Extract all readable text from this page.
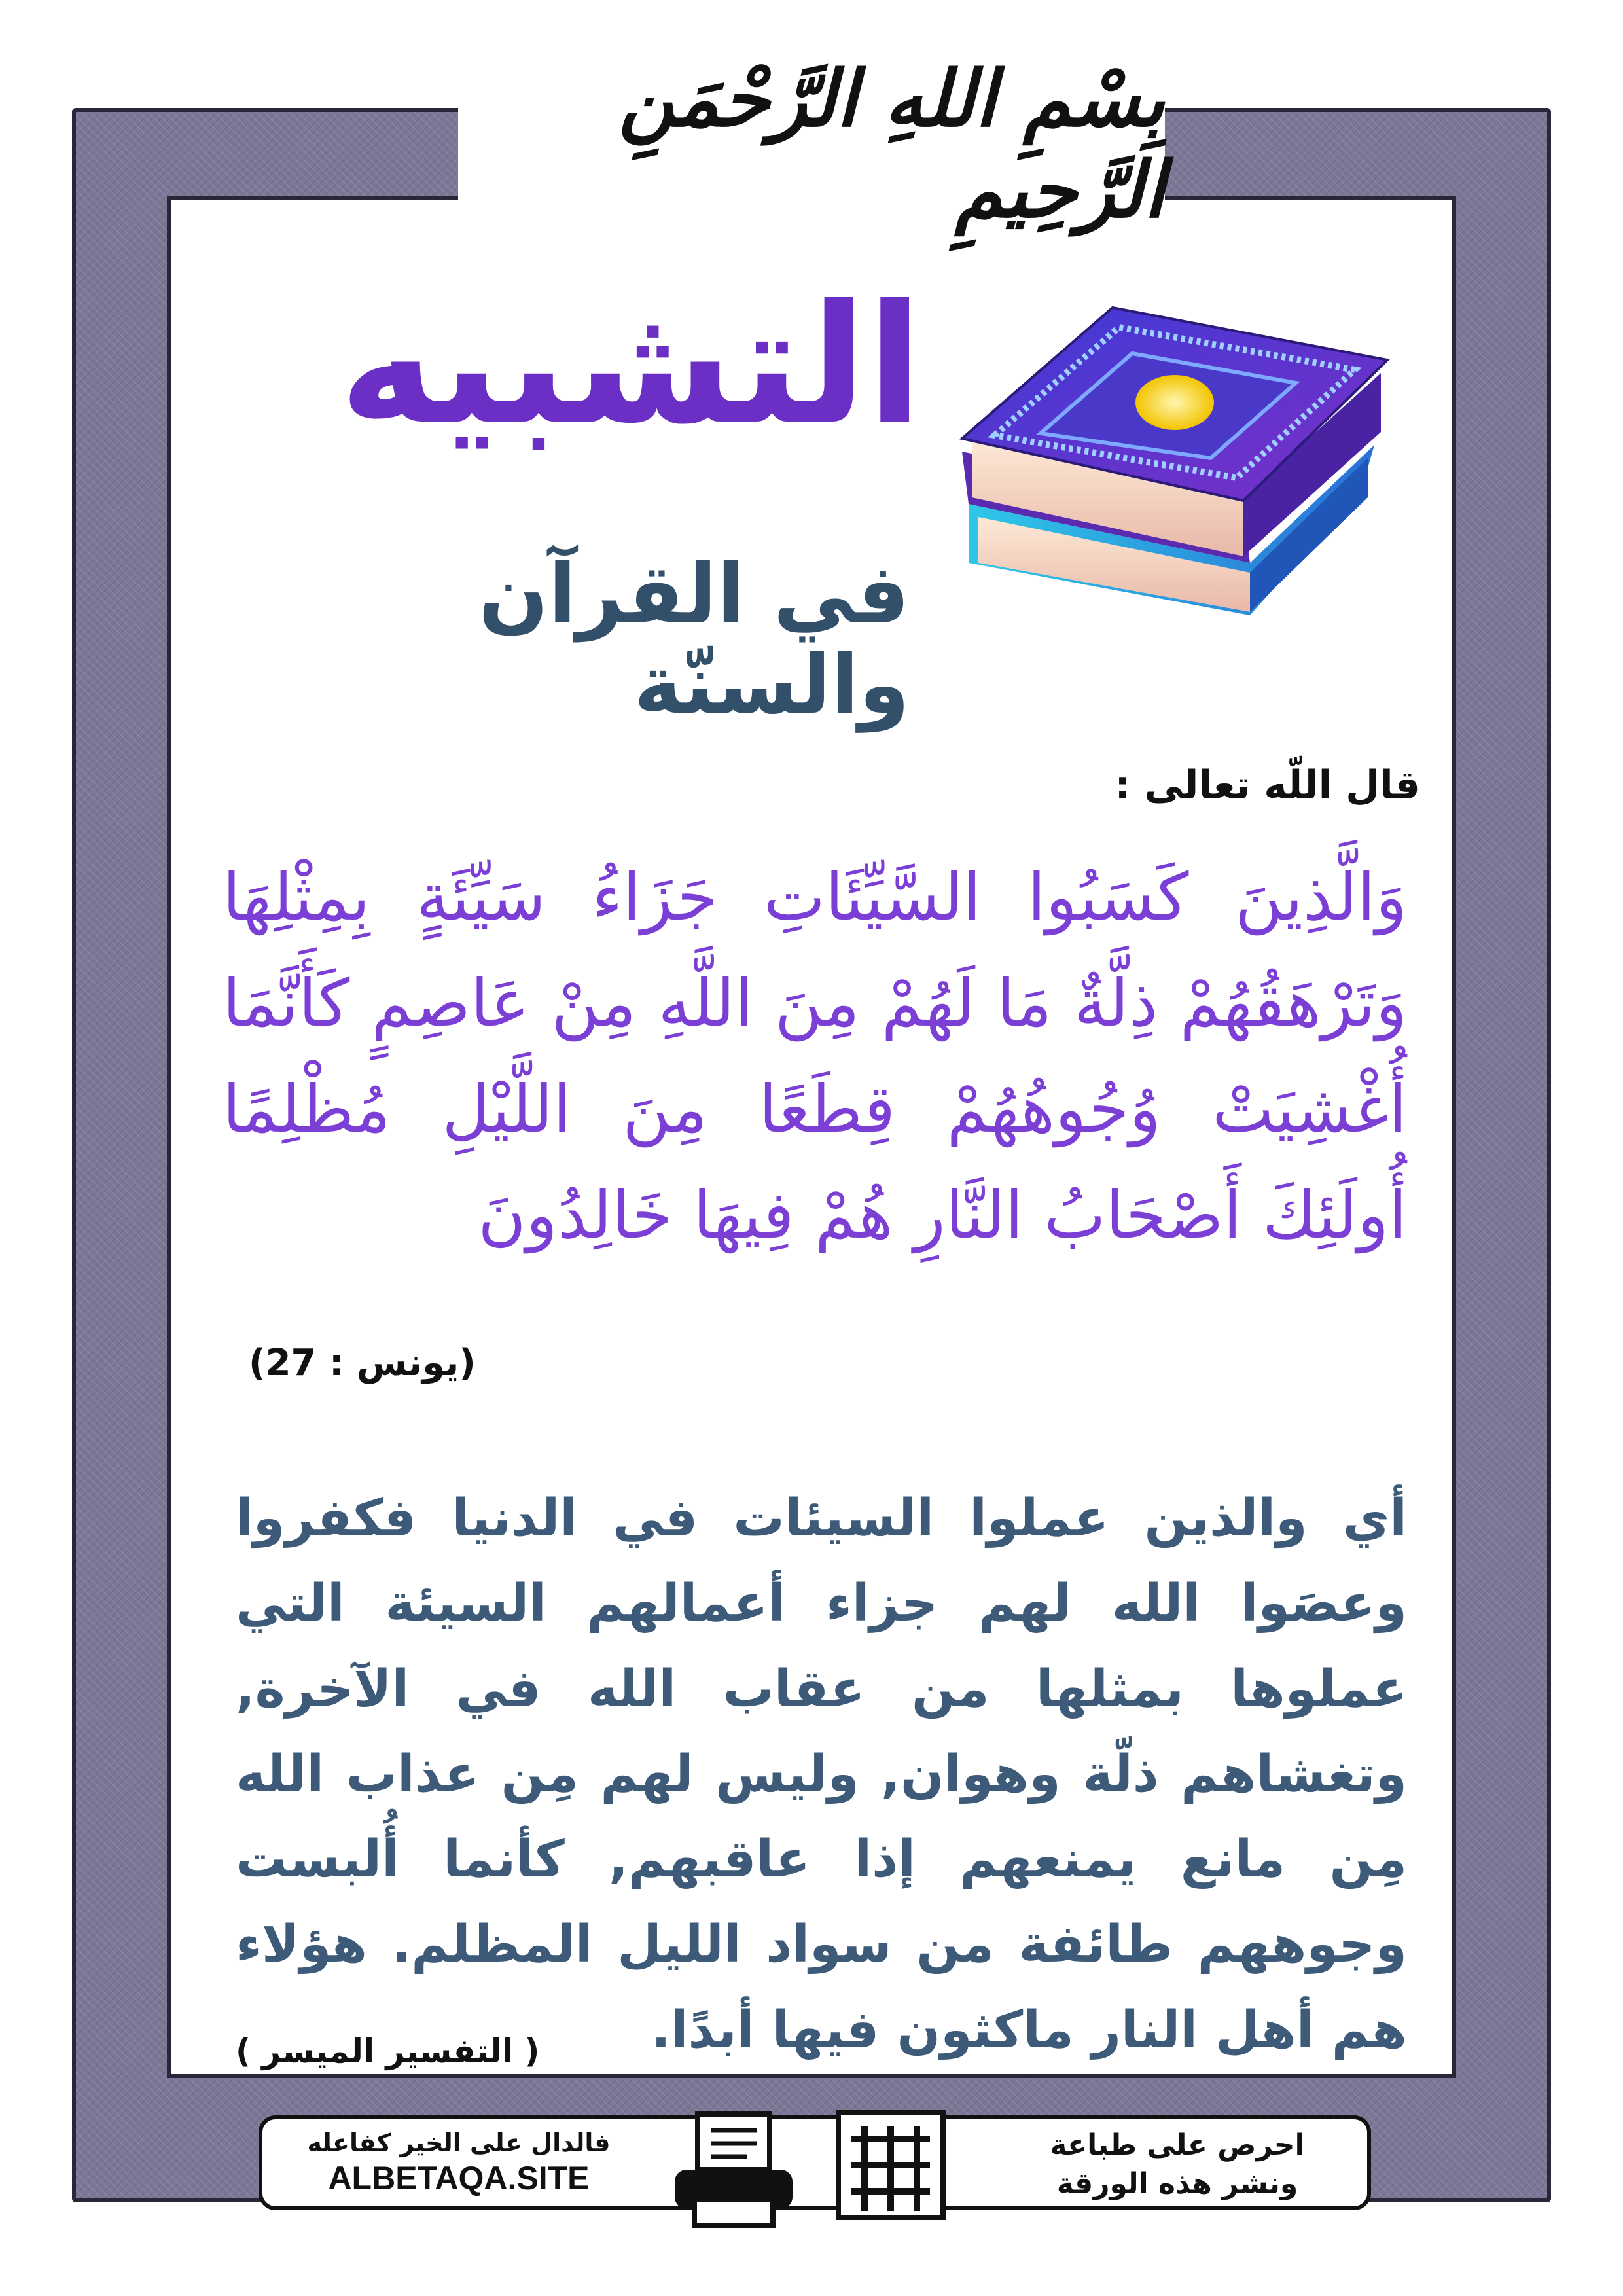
بِسْمِ اللهِ الرَّحْمَنِ الرَّحِيمِ
التشبيه
في القرآن والسنّة
قال اللّه تعالى :
وَالَّذِينَ كَسَبُوا السَّيِّئَاتِ جَزَاءُ سَيِّئَةٍ بِمِثْلِهَا وَتَرْهَقُهُمْ ذِلَّةٌ مَا لَهُمْ مِنَ اللَّهِ مِنْ عَاصِمٍ كَأَنَّمَا أُغْشِيَتْ وُجُوهُهُمْ قِطَعًا مِنَ اللَّيْلِ مُظْلِمًا أُولَئِكَ أَصْحَابُ النَّارِ هُمْ فِيهَا خَالِدُونَ
(يونس : 27)
أي والذين عملوا السيئات في الدنيا فكفروا وعصَوا الله لهم جزاء أعمالهم السيئة التي عملوها بمثلها من عقاب الله في الآخرة, وتغشاهم ذلّة وهوان, وليس لهم مِن عذاب الله مِن مانع يمنعهم إذا عاقبهم, كأنما أُلبست وجوههم طائفة من سواد الليل المظلم. هؤلاء هم أهل النار ماكثون فيها أبدًا.
( التفسير الميسر )
احرص على طباعة
ونشر هذه الورقة
فالدال على الخير كفاعله
ALBETAQA.SITE
